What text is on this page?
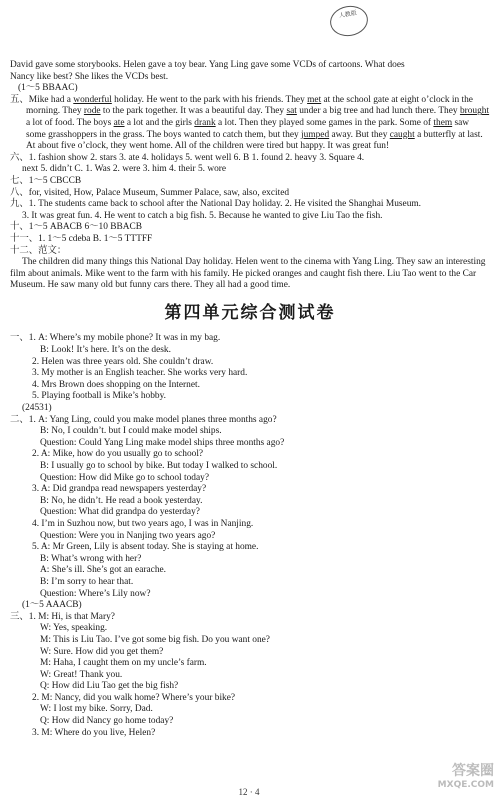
人教版

David gave some storybooks. Helen gave a toy bear. Yang Ling gave some VCDs of cartoons. What does

Nancy like best? She likes the VCDs best.

(1～5 BBAAC)

五、Mike had a wonderful holiday. He went to the park with his friends. They met at the school gate at eight o’clock in the morning. They rode to the park together. It was a beautiful day. They sat under a big tree and had lunch there. They brought a lot of food. The boys ate a lot and the girls drank a lot. Then they played some games in the park. Some of them saw some grasshoppers in the grass. The boys wanted to catch them, but they jumped away. But they caught a butterfly at last. At about five o’clock, they went home. All of the children were tired but happy. It was great fun!

六、1. fashion show 2. stars 3. ate 4. holidays 5. went well 6. B 1. found 2. heavy 3. Square 4.

next 5. didn’t C. 1. Was 2. were 3. him 4. their 5. wore

七、1～5 CBCCB

八、for, visited, How, Palace Museum, Summer Palace, saw, also, excited

九、1. The students came back to school after the National Day holiday. 2. He visited the Shanghai Museum.

3. It was great fun. 4. He went to catch a big fish. 5. Because he wanted to give Liu Tao the fish.

十、1～5 ABACB 6～10 BBACB

十一、1. 1～5 cdeba B. 1～5 TTTFF

十二、范文：

The children did many things this National Day holiday. Helen went to the cinema with Yang Ling. They saw an interesting film about animals. Mike went to the farm with his family. He picked oranges and caught fish there. Liu Tao went to the Car Museum. He saw many old but funny cars there. They all had a good time.

第四单元综合测试卷

一、1. A: Where’s my mobile phone? It was in my bag.

B: Look! It’s here. It’s on the desk.

2. Helen was three years old. She couldn’t draw.

3. My mother is an English teacher. She works very hard.

4. Mrs Brown does shopping on the Internet.

5. Playing football is Mike’s hobby.

(24531)

二、1. A: Yang Ling, could you make model planes three months ago?

B: No, I couldn’t. but I could make model ships.

Question: Could Yang Ling make model ships three months ago?

2. A: Mike, how do you usually go to school?

B: I usually go to school by bike. But today I walked to school.

Question: How did Mike go to school today?

3. A: Did grandpa read newspapers yesterday?

B: No, he didn’t. He read a book yesterday.

Question: What did grandpa do yesterday?

4. I’m in Suzhou now, but two years ago, I was in Nanjing.

Question: Were you in Nanjing two years ago?

5. A: Mr Green, Lily is absent today. She is staying at home.

B: What’s wrong with her?

A: She’s ill. She’s got an earache.

B: I’m sorry to hear that.

Question: Where’s Lily now?

(1～5 AAACB)

三、1. M: Hi, is that Mary?

W: Yes, speaking.

M: This is Liu Tao. I’ve got some big fish. Do you want one?

W: Sure. How did you get them?

M: Haha, I caught them on my uncle’s farm.

W: Great! Thank you.

Q: How did Liu Tao get the big fish?

2. M: Nancy, did you walk home? Where’s your bike?

W: I lost my bike. Sorry, Dad.

Q: How did Nancy go home today?

3. M: Where do you live, Helen?

答案圈
MXQE.COM
12 · 4
